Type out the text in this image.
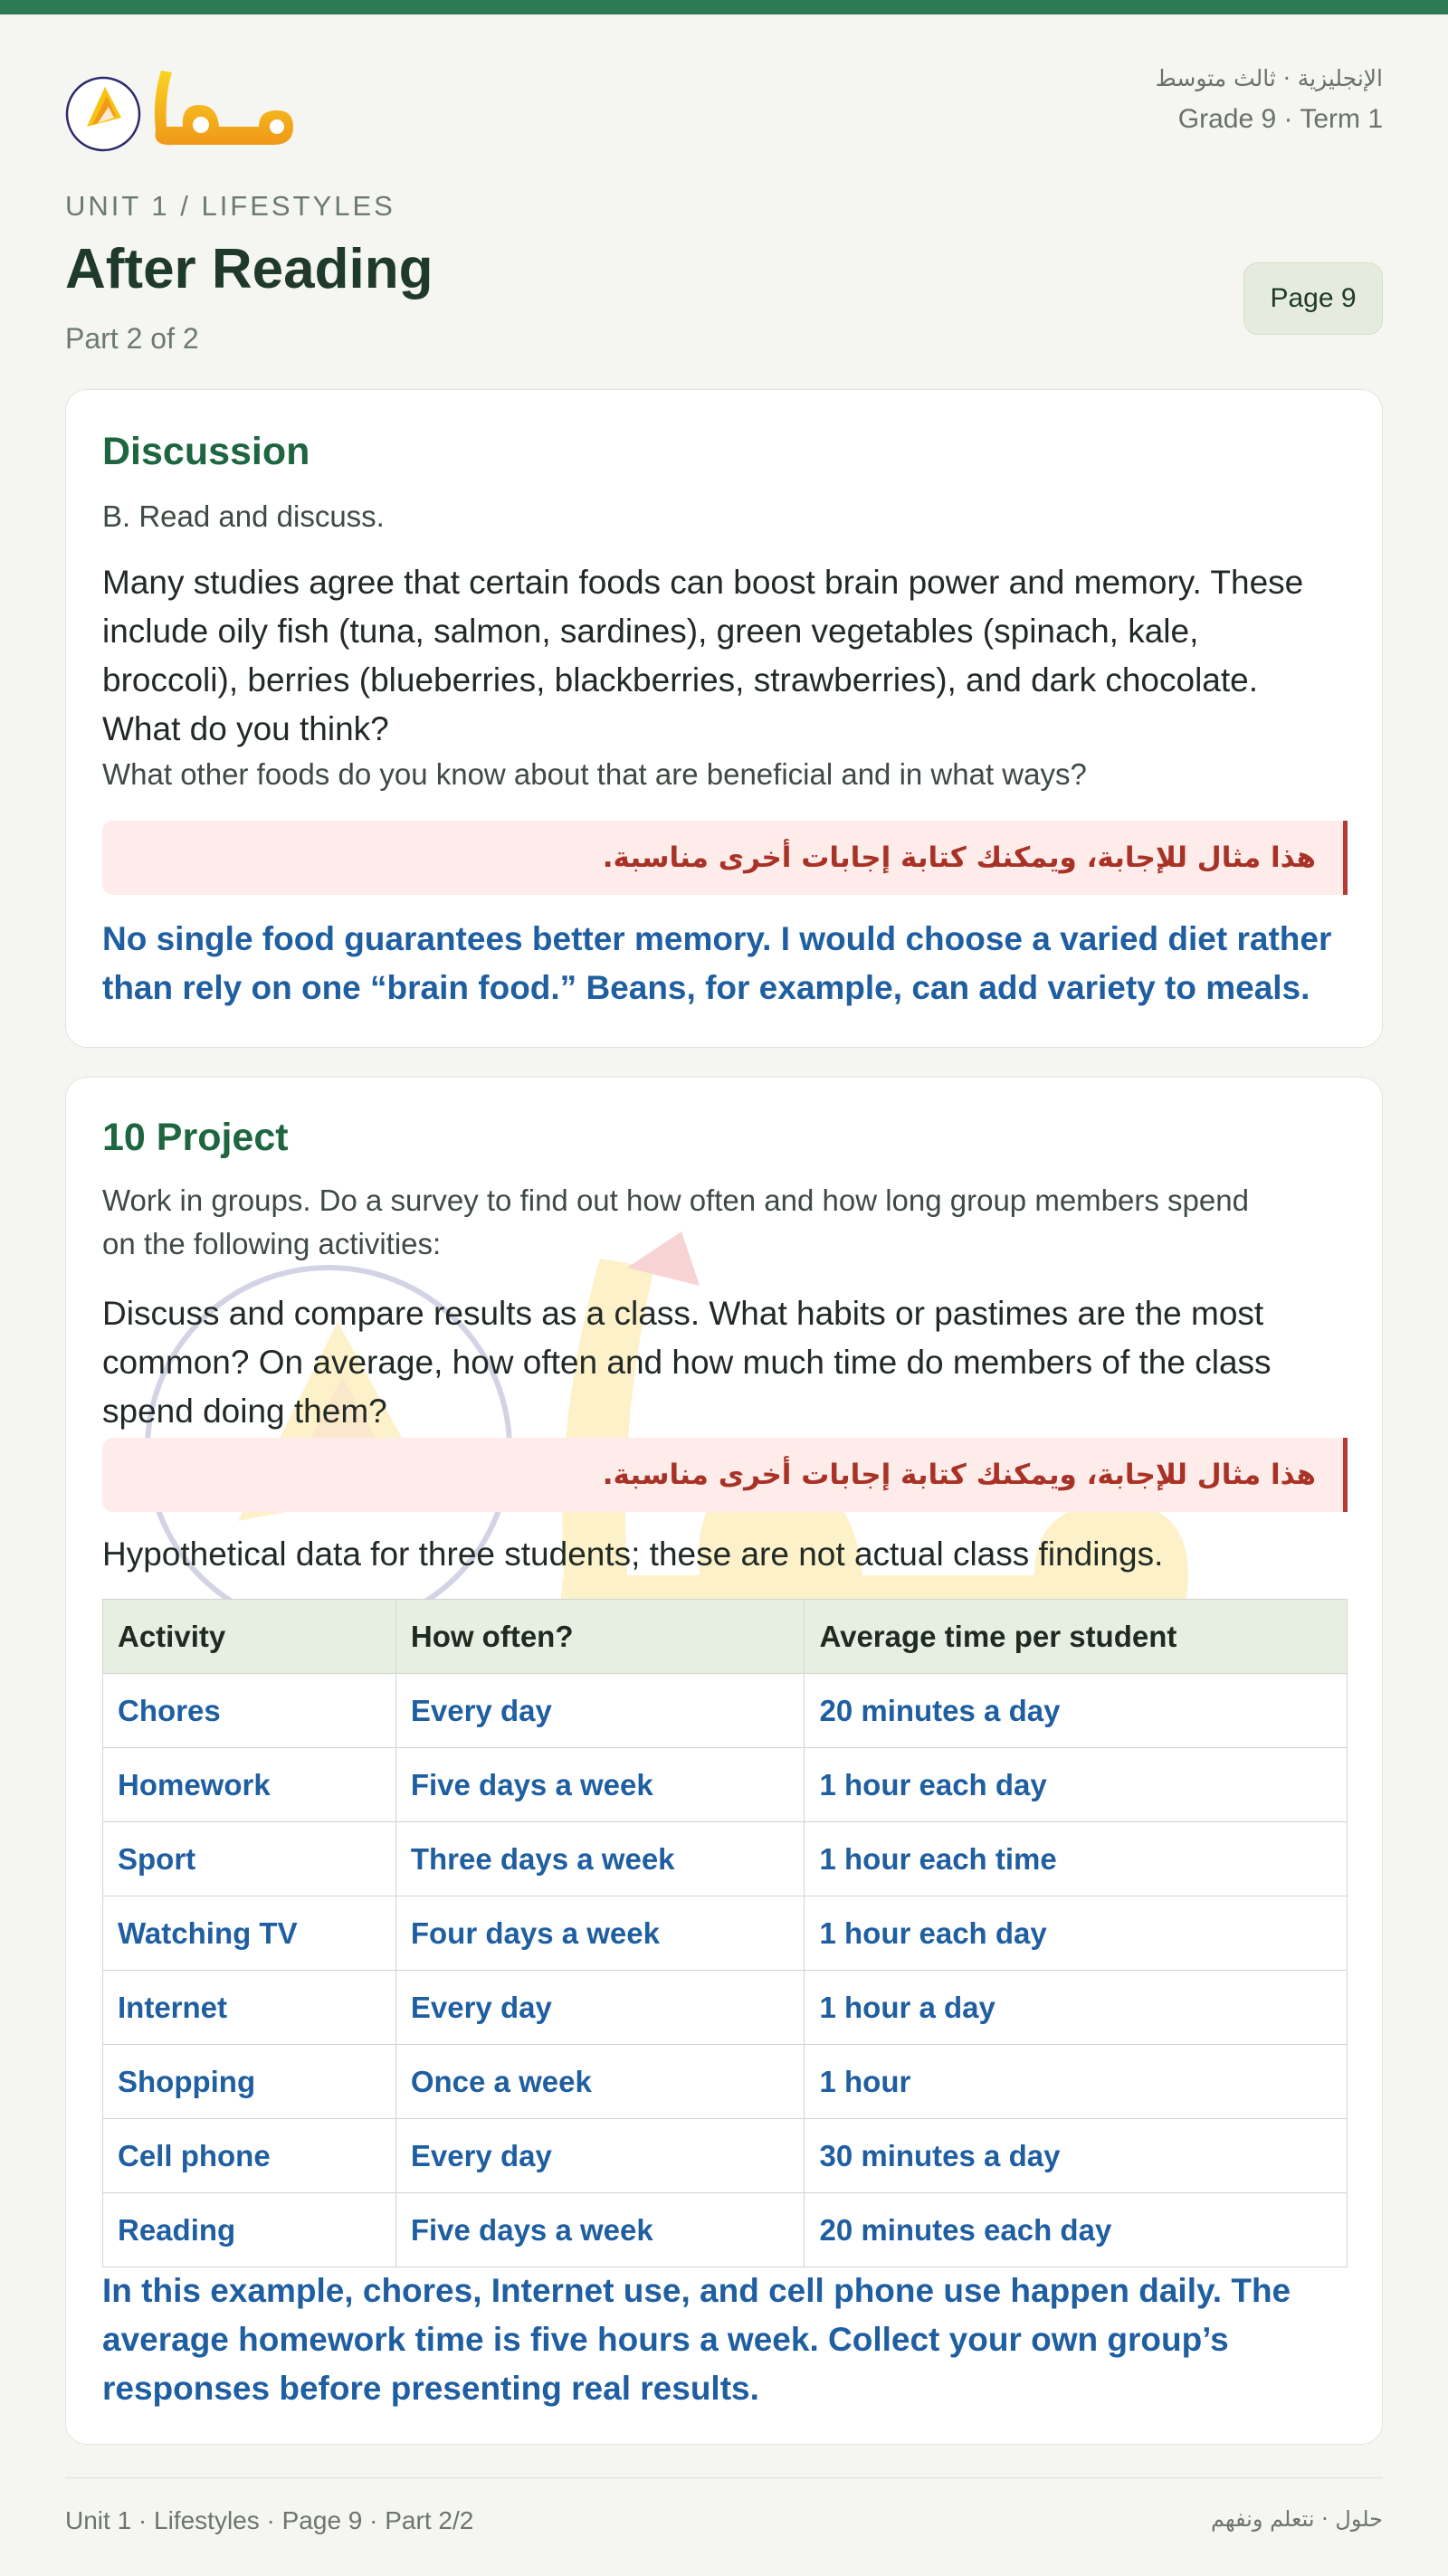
الإنجليزية · ثالث متوسط
Grade 9 · Term 1
UNIT 1 / LIFESTYLES
After Reading
Part 2 of 2
Page 9
Discussion
B. Read and discuss.
Many studies agree that certain foods can boost brain power and memory. These
include oily fish (tuna, salmon, sardines), green vegetables (spinach, kale,
broccoli), berries (blueberries, blackberries, strawberries), and dark chocolate.
What do you think?
What other foods do you know about that are beneficial and in what ways?
هذا مثال للإجابة، ويمكنك كتابة إجابات أخرى مناسبة.
No single food guarantees better memory. I would choose a varied diet rather
than rely on one “brain food.” Beans, for example, can add variety to meals.
10 Project
Work in groups. Do a survey to find out how often and how long group members spend
on the following activities:
Discuss and compare results as a class. What habits or pastimes are the most
common? On average, how often and how much time do members of the class
spend doing them?
هذا مثال للإجابة، ويمكنك كتابة إجابات أخرى مناسبة.
Hypothetical data for three students; these are not actual class findings.
Activity	How often?	Average time per student
Chores	Every day	20 minutes a day
Homework	Five days a week	1 hour each day
Sport	Three days a week	1 hour each time
Watching TV	Four days a week	1 hour each day
Internet	Every day	1 hour a day
Shopping	Once a week	1 hour
Cell phone	Every day	30 minutes a day
Reading	Five days a week	20 minutes each day
In this example, chores, Internet use, and cell phone use happen daily. The
average homework time is five hours a week. Collect your own group’s
responses before presenting real results.
Unit 1 · Lifestyles · Page 9 · Part 2/2	حلول · نتعلم ونفهم
